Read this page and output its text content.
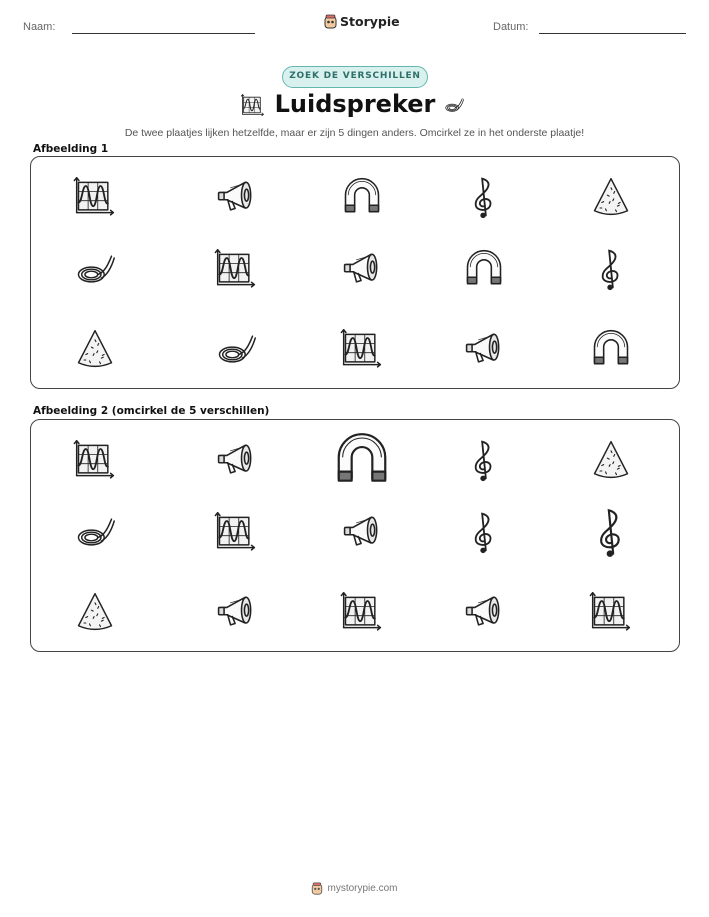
Naam:	Storypie	Datum:
ZOEK DE VERSCHILLEN
Luidspreker
De twee plaatjes lijken hetzelfde, maar er zijn 5 dingen anders. Omcirkel ze in het onderste plaatje!
Afbeelding 1
Afbeelding 2 (omcirkel de 5 verschillen)
mystorypie.com
